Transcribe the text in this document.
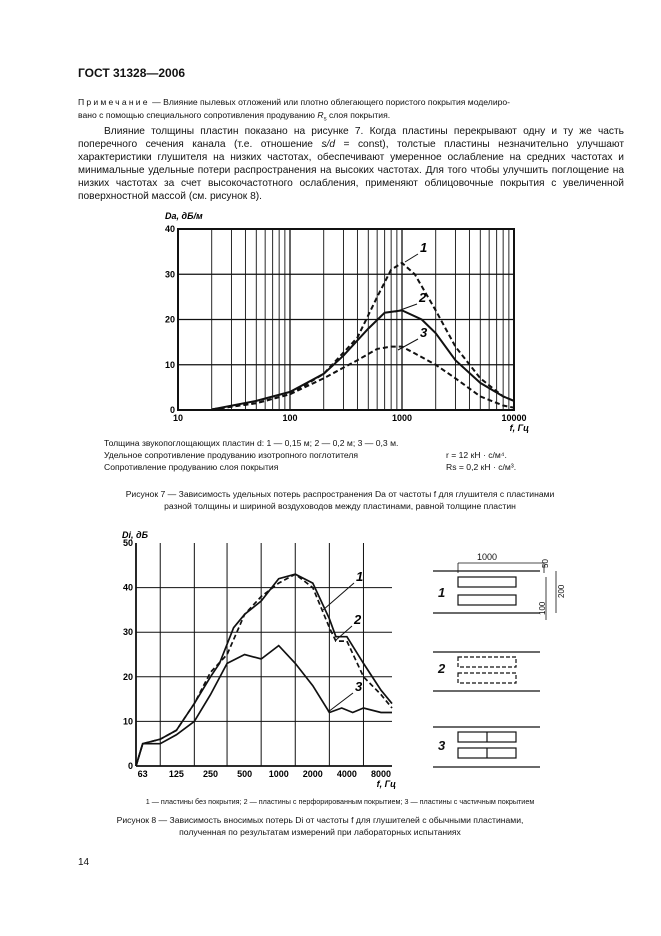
ГОСТ 31328—2006
Примечание — Влияние пылевых отложений или плотно облегающего пористого покрытия моделиро-
вано с помощью специального сопротивления продуванию $R_s$ слоя покрытия.
Влияние толщины пластин показано на рисунке 7. Когда пластины перекрывают одну и ту же часть поперечного сечения канала (т.е. отношение s/d = const), толстые пластины незначительно улучшают характеристики глушителя на низких частотах, обеспечивают умеренное ослабление на средних частотах и минимальные удельные потери распространения на высоких частотах. Для того чтобы улучшить поглощение на низких частотах за счет высокочастотного ослабления, применяют облицовочные покрытия с увеличенной поверхностной массой (см. рисунок 8).
0
10
20
30
40
10	100	1000	10000
Da, дБ/м
f, Гц
1
2
3
Толщина звукопоглощающих пластин d: 1 — 0,15 м; 2 — 0,2 м; 3 — 0,3 м.
Удельное сопротивление продуванию изотропного поглотителя	r = 12 кН · с/м⁴.
Сопротивление продуванию слоя покрытия	Rs = 0,2 кН · с/м³.
Рисунок 7 — Зависимость удельных потерь распространения Da от частоты f для глушителя с пластинами
разной толщины и шириной воздуховодов между пластинами, равной толщине пластин
0
10
20
30
40
50
63 125 250 500 1000 2000 4000 8000
Di, дБ
f, Гц
1
2
3
1000
50
100
200
1
2
3
1 — пластины без покрытия; 2 — пластины с перфорированным покрытием; 3 — пластины с частичным покрытием
Рисунок 8 — Зависимость вносимых потерь Di от частоты f для глушителей с обычными пластинами,
полученная по результатам измерений при лабораторных испытаниях
14
